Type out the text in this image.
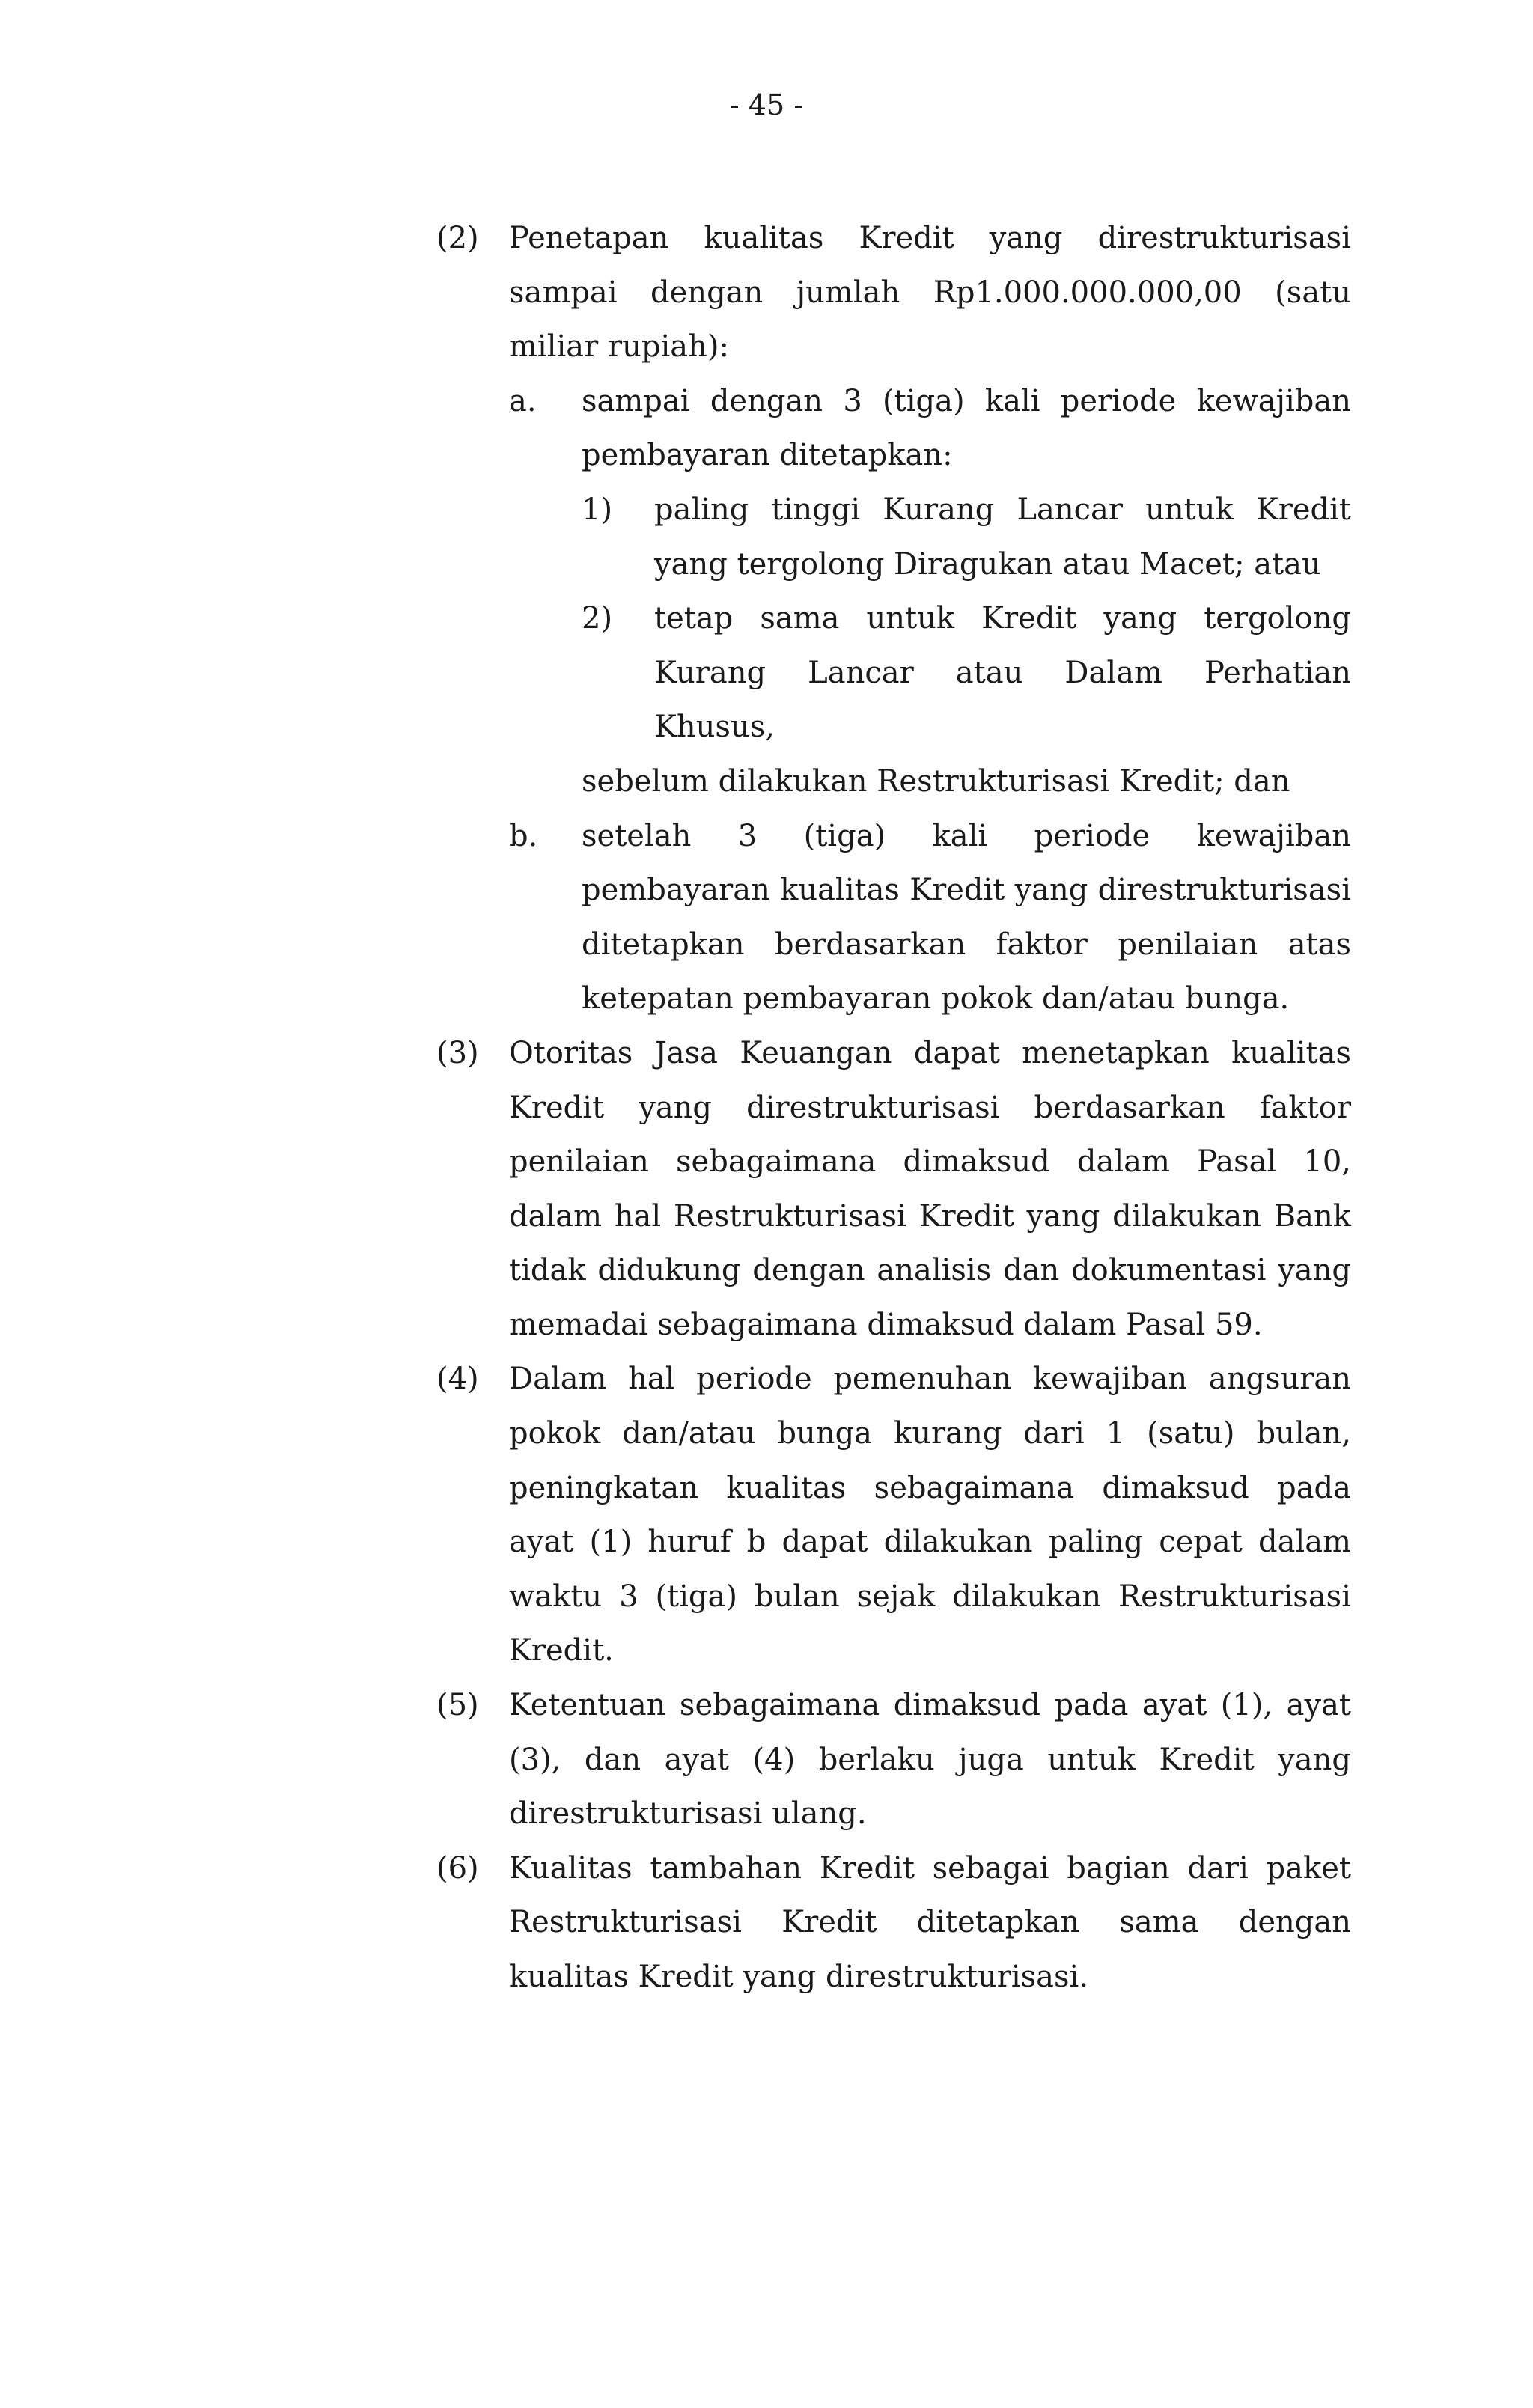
- 45 -
(2) Penetapan kualitas Kredit yang direstrukturisasi sampai dengan jumlah Rp1.000.000.000,00 (satu miliar rupiah):
a. sampai dengan 3 (tiga) kali periode kewajiban pembayaran ditetapkan:
1) paling tinggi Kurang Lancar untuk Kredit yang tergolong Diragukan atau Macet; atau
2) tetap sama untuk Kredit yang tergolong Kurang Lancar atau Dalam Perhatian Khusus,
sebelum dilakukan Restrukturisasi Kredit; dan
b. setelah 3 (tiga) kali periode kewajiban pembayaran kualitas Kredit yang direstrukturisasi ditetapkan berdasarkan faktor penilaian atas ketepatan pembayaran pokok dan/atau bunga.
(3) Otoritas Jasa Keuangan dapat menetapkan kualitas Kredit yang direstrukturisasi berdasarkan faktor penilaian sebagaimana dimaksud dalam Pasal 10, dalam hal Restrukturisasi Kredit yang dilakukan Bank tidak didukung dengan analisis dan dokumentasi yang memadai sebagaimana dimaksud dalam Pasal 59.
(4) Dalam hal periode pemenuhan kewajiban angsuran pokok dan/atau bunga kurang dari 1 (satu) bulan, peningkatan kualitas sebagaimana dimaksud pada ayat (1) huruf b dapat dilakukan paling cepat dalam waktu 3 (tiga) bulan sejak dilakukan Restrukturisasi Kredit.
(5) Ketentuan sebagaimana dimaksud pada ayat (1), ayat (3), dan ayat (4) berlaku juga untuk Kredit yang direstrukturisasi ulang.
(6) Kualitas tambahan Kredit sebagai bagian dari paket Restrukturisasi Kredit ditetapkan sama dengan kualitas Kredit yang direstrukturisasi.
